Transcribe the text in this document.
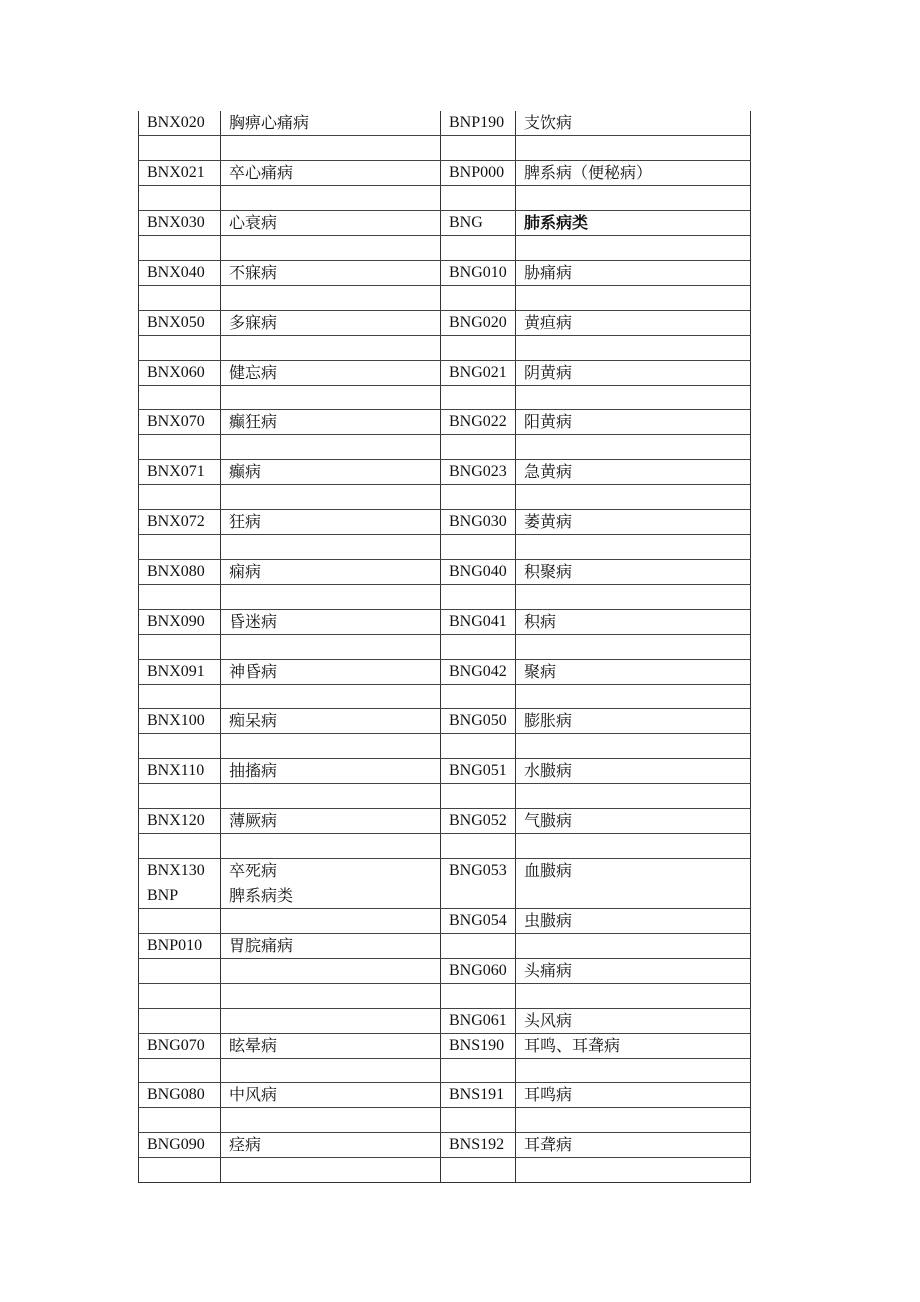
BNX020	胸痹心痛病	BNP190	支饮病

BNX021	卒心痛病	BNP000	脾系病（便秘病）

BNX030	心衰病	BNG	肺系病类

BNX040	不寐病	BNG010	胁痛病

BNX050	多寐病	BNG020	黄疸病

BNX060	健忘病	BNG021	阴黄病

BNX070	癫狂病	BNG022	阳黄病

BNX071	癫病	BNG023	急黄病

BNX072	狂病	BNG030	萎黄病

BNX080	痫病	BNG040	积聚病

BNX090	昏迷病	BNG041	积病

BNX091	神昏病	BNG042	聚病

BNX100	痴呆病	BNG050	膨胀病

BNX110	抽搐病	BNG051	水臌病

BNX120	薄厥病	BNG052	气臌病

BNX130	卒死病	BNG053	血臌病
BNP	脾系病类		
		BNG054	虫臌病
BNP010	胃脘痛病		
		BNG060	头痛病

		BNG061	头风病
BNG070	眩晕病	BNS190	耳鸣、耳聋病

BNG080	中风病	BNS191	耳鸣病

BNG090	痉病	BNS192	耳聋病
